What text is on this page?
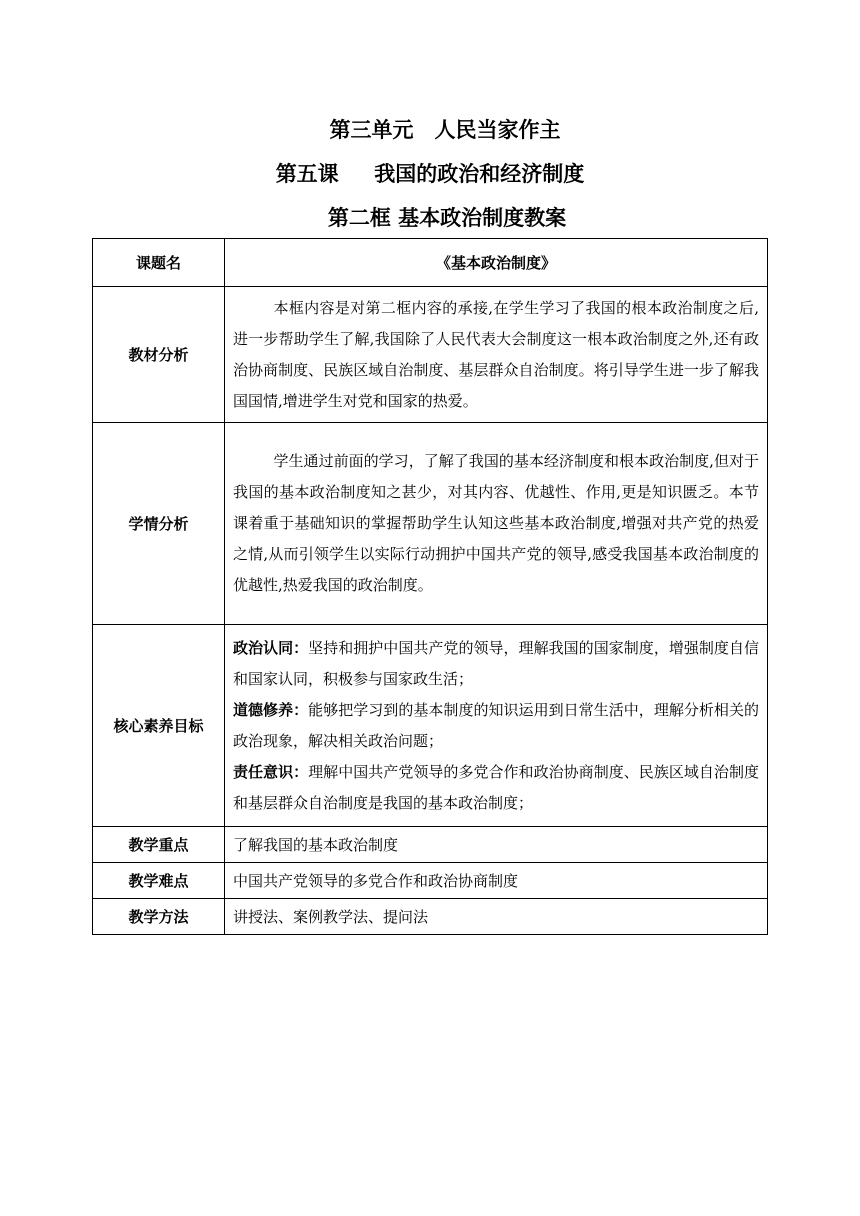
第三单元　人民当家作主
第五课　  我国的政治和经济制度
第二框 基本政治制度教案
课题名	《基本政治制度》
教材分析	本框内容是对第二框内容的承接,在学生学习了我国的根本政治制度之后,进一步帮助学生了解,我国除了人民代表大会制度这一根本政治制度之外,还有政治协商制度、民族区域自治制度、基层群众自治制度。将引导学生进一步了解我国国情,增进学生对党和国家的热爱。

学情分析	学生通过前面的学习，了解了我国的基本经济制度和根本政治制度,但对于我国的基本政治制度知之甚少，对其内容、优越性、作用,更是知识匮乏。本节课着重于基础知识的掌握帮助学生认知这些基本政治制度,增强对共产党的热爱之情,从而引领学生以实际行动拥护中国共产党的领导,感受我国基本政治制度的优越性,热爱我国的政治制度。

核心素养目标	政治认同：坚持和拥护中国共产党的领导，理解我国的国家制度，增强制度自信和国家认同，积极参与国家政生活；
道德修养：能够把学习到的基本制度的知识运用到日常生活中，理解分析相关的政治现象，解决相关政治问题；
责任意识：理解中国共产党领导的多党合作和政治协商制度、民族区域自治制度和基层群众自治制度是我国的基本政治制度；

教学重点	了解我国的基本政治制度
教学难点	中国共产党领导的多党合作和政治协商制度
教学方法	讲授法、案例教学法、提问法
